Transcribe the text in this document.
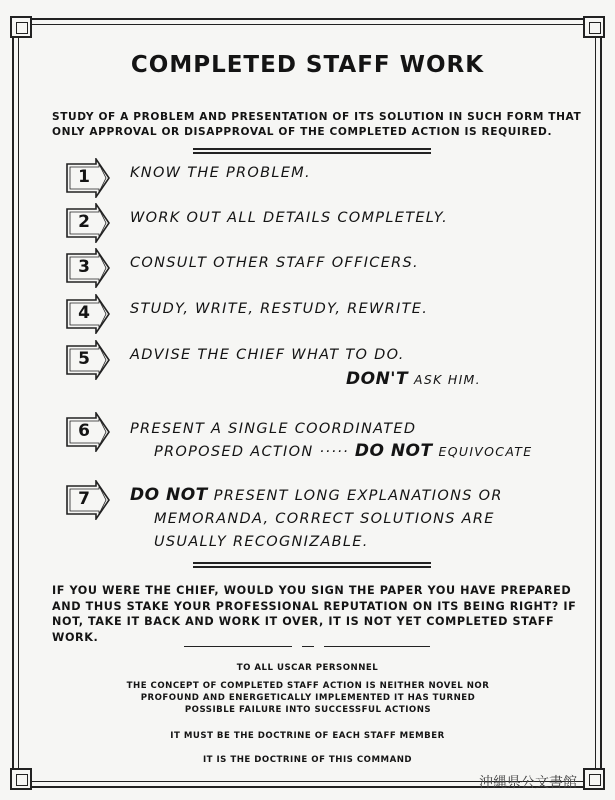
COMPLETED STAFF WORK
STUDY OF A PROBLEM AND PRESENTATION OF ITS SOLUTION IN SUCH FORM THAT ONLY APPROVAL OR DISAPPROVAL OF THE COMPLETED ACTION IS REQUIRED.
1	KNOW THE PROBLEM.
2	WORK OUT ALL DETAILS COMPLETELY.
3	CONSULT OTHER STAFF OFFICERS.
4	STUDY, WRITE, RESTUDY, REWRITE.
5	ADVISE THE CHIEF WHAT TO DO.
DON'T ASK HIM.
6	PRESENT A SINGLE COORDINATED
PROPOSED ACTION ····· DO NOT EQUIVOCATE
7	DO NOT PRESENT LONG EXPLANATIONS OR
MEMORANDA, CORRECT SOLUTIONS ARE
USUALLY RECOGNIZABLE.
IF YOU WERE THE CHIEF, WOULD YOU SIGN THE PAPER YOU HAVE PREPARED AND THUS STAKE YOUR PROFESSIONAL REPUTATION ON ITS BEING RIGHT? IF NOT, TAKE IT BACK AND WORK IT OVER, IT IS NOT YET COMPLETED STAFF WORK.
TO ALL USCAR PERSONNEL
THE CONCEPT OF COMPLETED STAFF ACTION IS NEITHER NOVEL NOR PROFOUND AND ENERGETICALLY IMPLEMENTED IT HAS TURNED POSSIBLE FAILURE INTO SUCCESSFUL ACTIONS
IT MUST BE THE DOCTRINE OF EACH STAFF MEMBER
IT IS THE DOCTRINE OF THIS COMMAND
沖縄県公文書館
